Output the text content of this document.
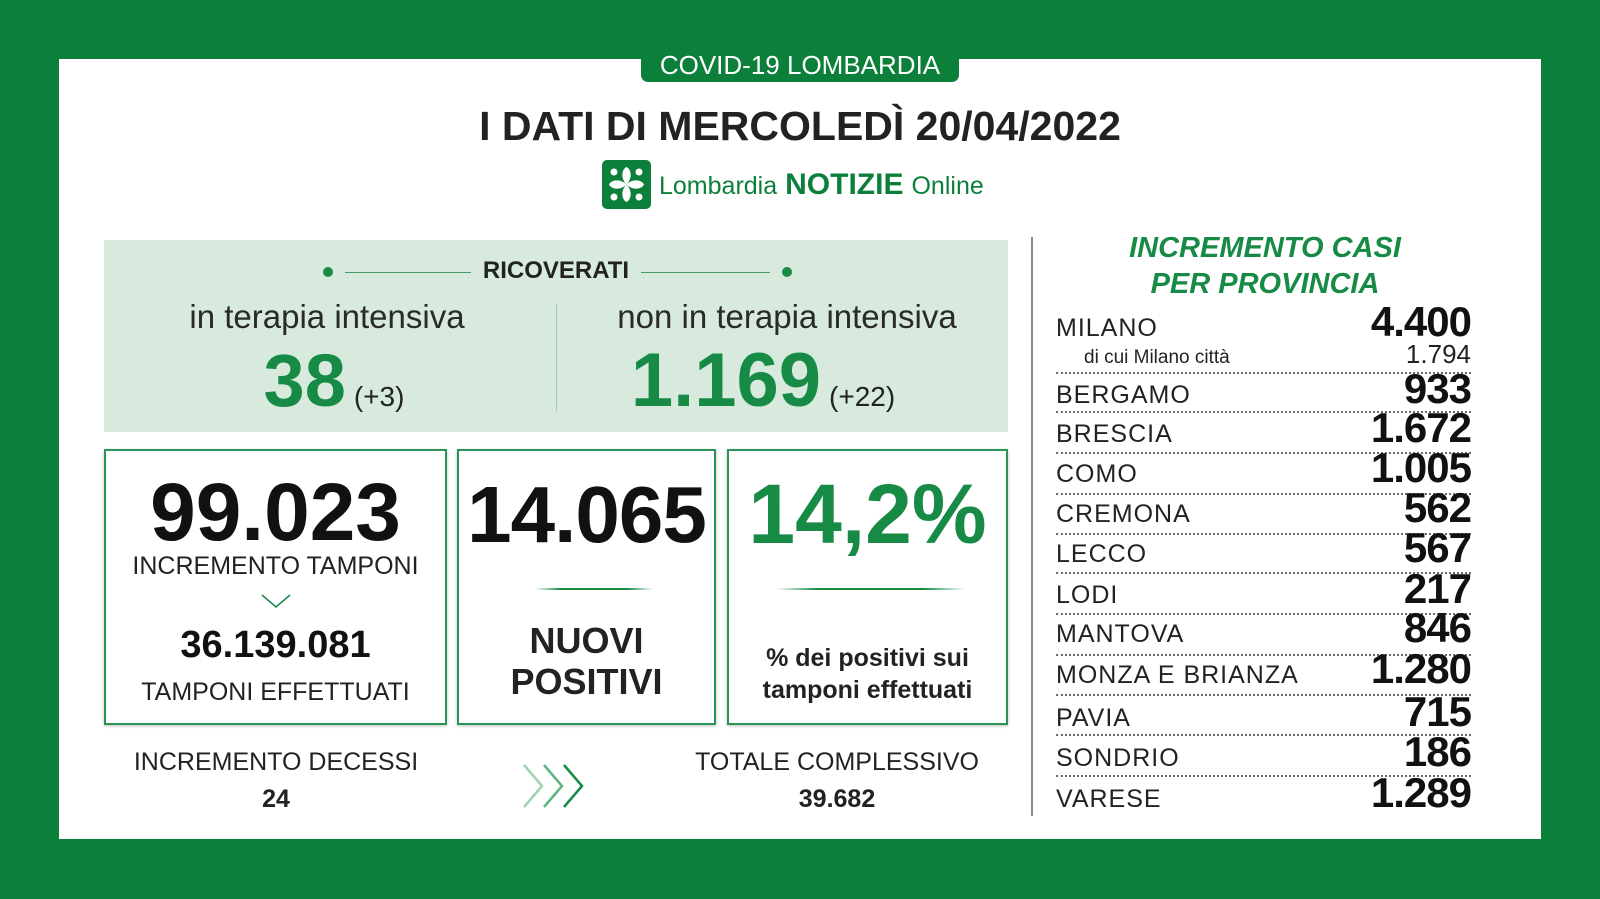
COVID-19 LOMBARDIA
I DATI DI MERCOLEDÌ 20/04/2022
Lombardia NOTIZIE Online
RICOVERATI
in terapia intensiva
38 (+3)
non in terapia intensiva
1.169 (+22)
99.023
INCREMENTO TAMPONI
36.139.081
TAMPONI EFFETTUATI
14.065
NUOVI
POSITIVI
14,2%
% dei positivi sui
tamponi effettuati
INCREMENTO DECESSI
24
TOTALE COMPLESSIVO
39.682
INCREMENTO CASI
PER PROVINCIA
MILANO	4.400
di cui Milano città	1.794
BERGAMO	933
BRESCIA	1.672
COMO	1.005
CREMONA	562
LECCO	567
LODI	217
MANTOVA	846
MONZA E BRIANZA 1.280
PAVIA	715
SONDRIO	186
VARESE	1.289
